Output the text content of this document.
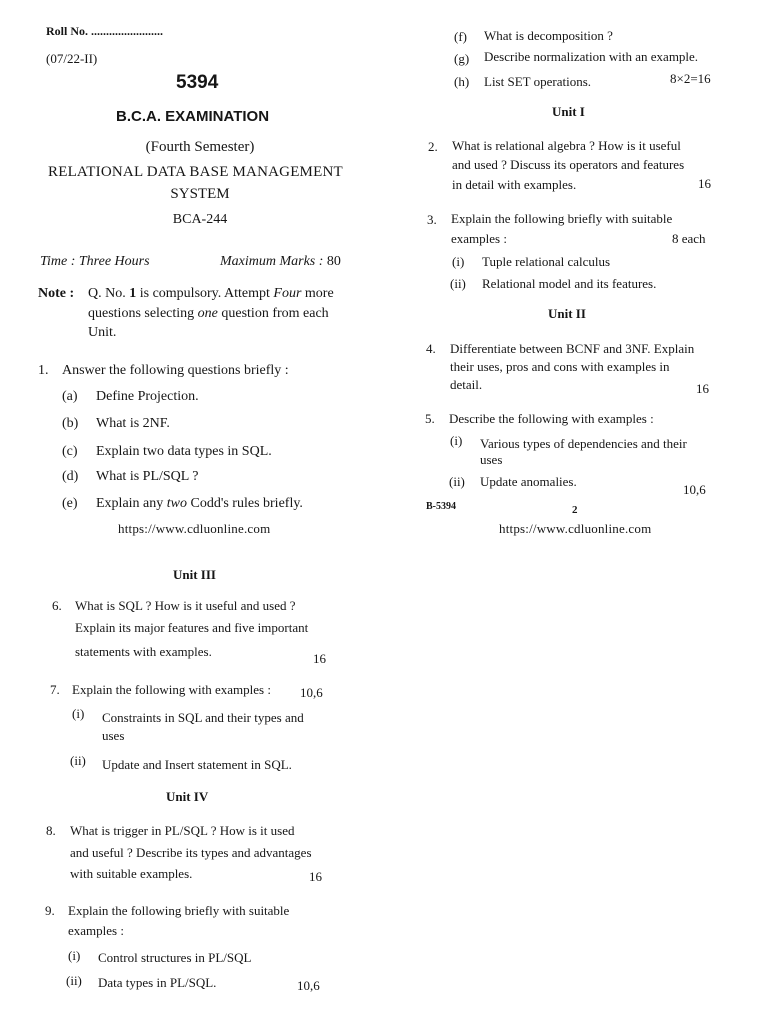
Roll No. ........................
(07/22-II)
5394
B.C.A. EXAMINATION
(Fourth Semester)
RELATIONAL DATA BASE MANAGEMENT
SYSTEM
BCA-244
Time : Three Hours	Maximum Marks : 80
Note : Q. No. 1 is compulsory. Attempt Four more
questions selecting one question from each
Unit.
1. Answer the following questions briefly :
(a) Define Projection.
(b) What is 2NF.
(c) Explain two data types in SQL.
(d) What is PL/SQL ?
(e) Explain any two Codd's rules briefly.
https://www.cdluonline.com
Unit III
6. What is SQL ? How is it useful and used ?
Explain its major features and five important
statements with examples.	16
7. Explain the following with examples : 10,6
(i) Constraints in SQL and their types and
uses
(ii) Update and Insert statement in SQL.
Unit IV
8. What is trigger in PL/SQL ? How is it used
and useful ? Describe its types and advantages
with suitable examples.	16
9. Explain the following briefly with suitable
examples :
(i) Control structures in PL/SQL
(ii) Data types in PL/SQL.	10,6
(f) What is decomposition ?
(g) Describe normalization with an example.
(h) List SET operations.	8×2=16
Unit I
2. What is relational algebra ? How is it useful
and used ? Discuss its operators and features
in detail with examples.	16
3. Explain the following briefly with suitable
examples :	8 each
(i) Tuple relational calculus
(ii) Relational model and its features.
Unit II
4. Differentiate between BCNF and 3NF. Explain
their uses, pros and cons with examples in
detail.	16
5. Describe the following with examples :
(i) Various types of dependencies and their
uses
(ii) Update anomalies.
10,6
B-5394	2
https://www.cdluonline.com
